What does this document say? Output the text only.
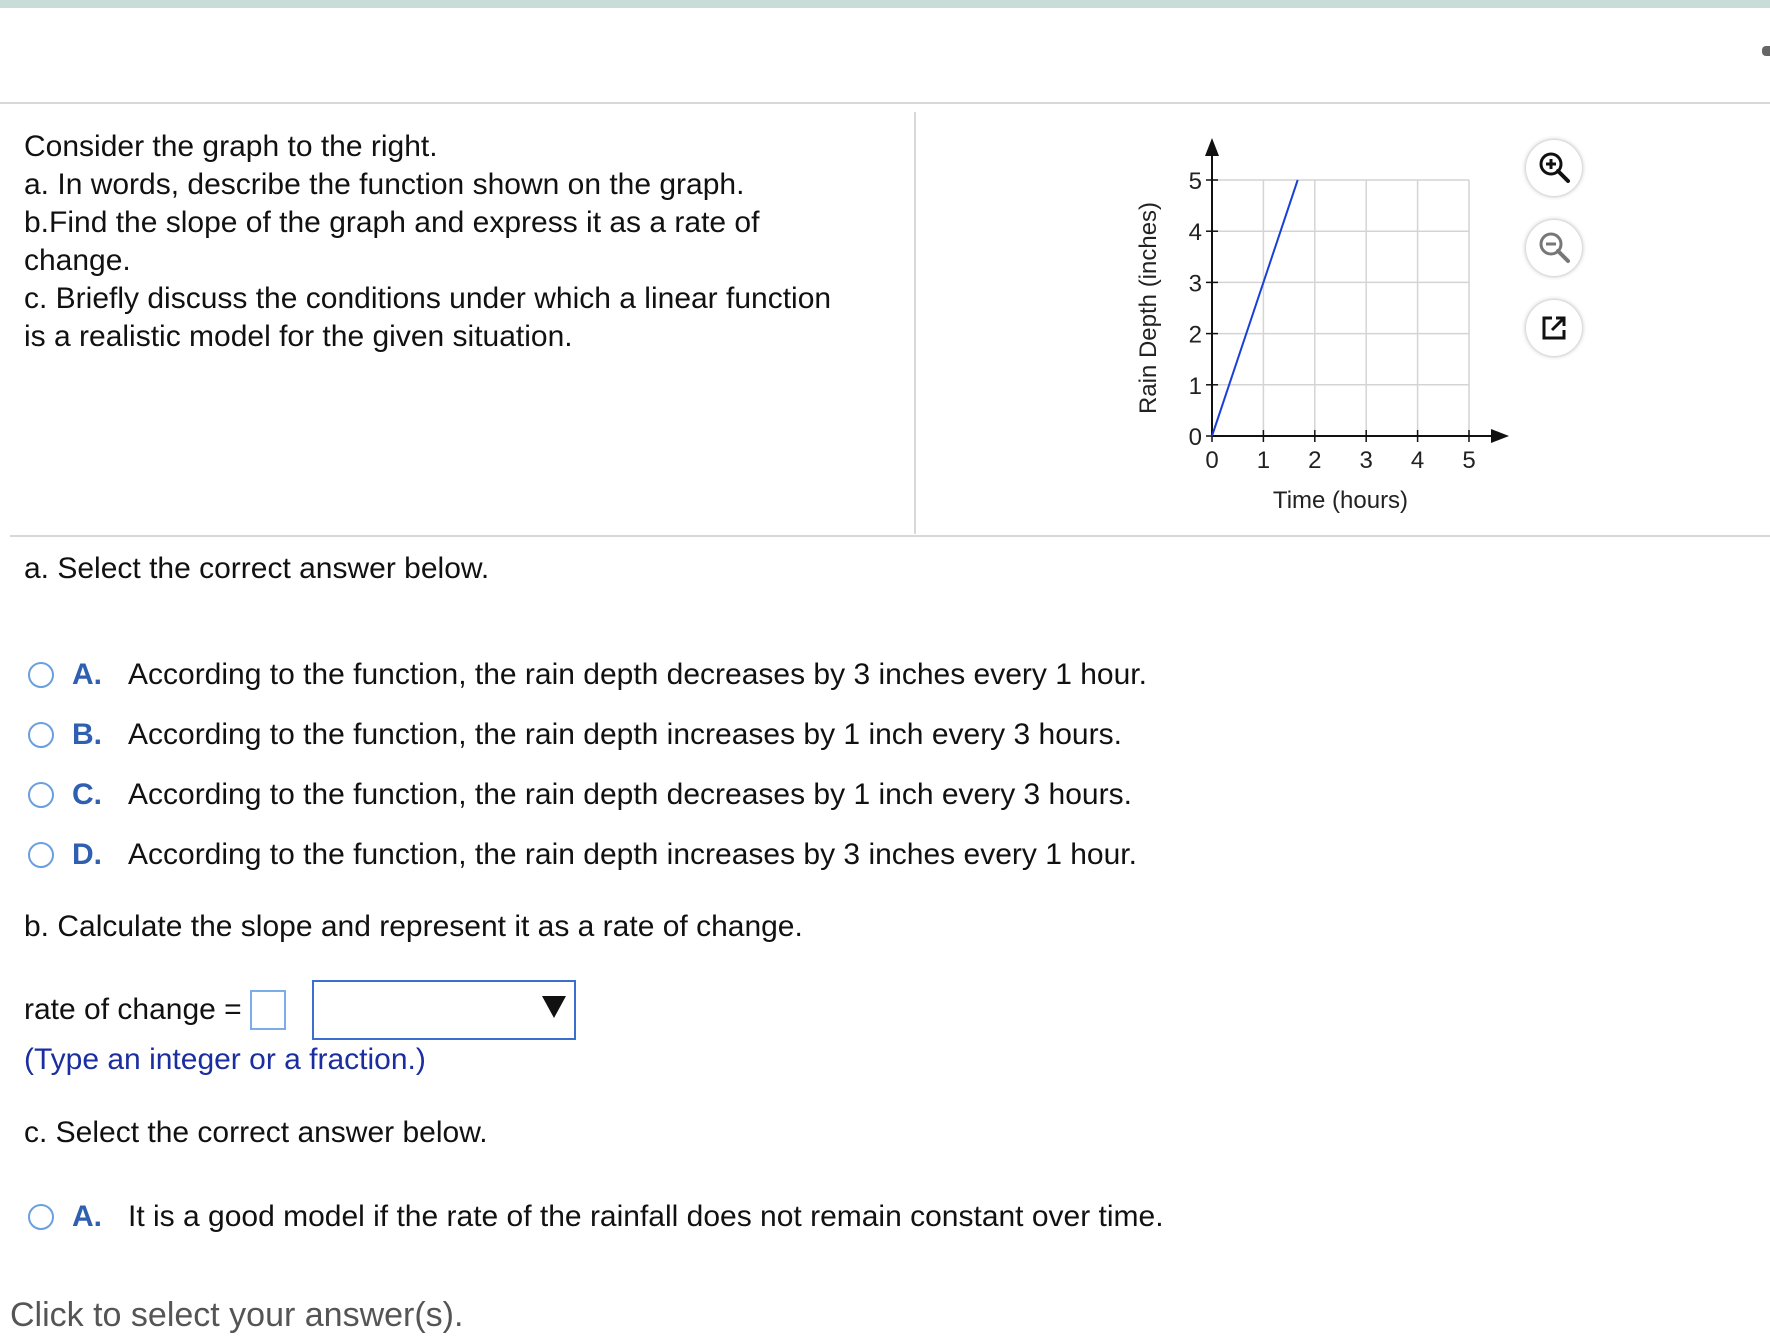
Consider the graph to the right.
a. In words, describe the function shown on the graph.
b.Find the slope of the graph and express it as a rate of
change.
c. Briefly discuss the conditions under which a linear function
is a realistic model for the given situation.
0 1 2 3 4 5
0
1
2
3
4
5
Time (hours)
Rain Depth (inches)
a. Select the correct answer below.
A. According to the function, the rain depth decreases by 3 inches every 1 hour.
B. According to the function, the rain depth increases by 1 inch every 3 hours.
C. According to the function, the rain depth decreases by 1 inch every 3 hours.
D. According to the function, the rain depth increases by 3 inches every 1 hour.
b. Calculate the slope and represent it as a rate of change.
rate of change =
(Type an integer or a fraction.)
c. Select the correct answer below.
A. It is a good model if the rate of the rainfall does not remain constant over time.
Click to select your answer(s).
